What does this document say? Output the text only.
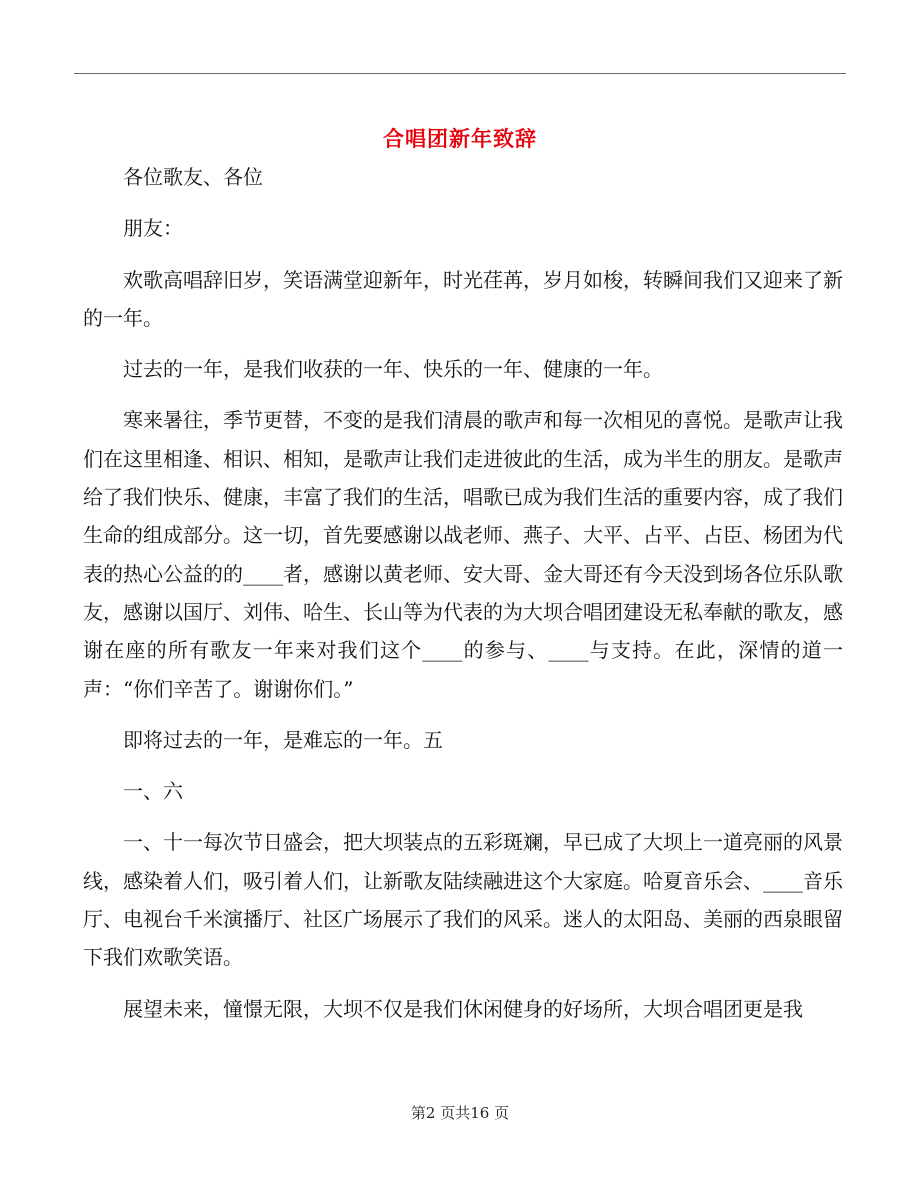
合唱团新年致辞

各位歌友、各位

朋友：

欢歌高唱辞旧岁，笑语满堂迎新年，时光荏苒，岁月如梭，转瞬间我们又迎来了新的一年。

过去的一年，是我们收获的一年、快乐的一年、健康的一年。

寒来暑往，季节更替，不变的是我们清晨的歌声和每一次相见的喜悦。是歌声让我们在这里相逢、相识、相知，是歌声让我们走进彼此的生活，成为半生的朋友。是歌声给了我们快乐、健康，丰富了我们的生活，唱歌已成为我们生活的重要内容，成了我们生命的组成部分。这一切，首先要感谢以战老师、燕子、大平、占平、占臣、杨团为代表的热心公益的的____者，感谢以黄老师、安大哥、金大哥还有今天没到场各位乐队歌友，感谢以国厅、刘伟、哈生、长山等为代表的为大坝合唱团建设无私奉献的歌友，感谢在座的所有歌友一年来对我们这个____的参与、____与支持。在此，深情的道一声：“你们辛苦了。谢谢你们。”

即将过去的一年，是难忘的一年。五

一、六

一、十一每次节日盛会，把大坝装点的五彩斑斓，早已成了大坝上一道亮丽的风景线，感染着人们，吸引着人们，让新歌友陆续融进这个大家庭。哈夏音乐会、____音乐厅、电视台千米演播厅、社区广场展示了我们的风采。迷人的太阳岛、美丽的西泉眼留下我们欢歌笑语。

展望未来，憧憬无限，大坝不仅是我们休闲健身的好场所，大坝合唱团更是我

第2 页共16 页
